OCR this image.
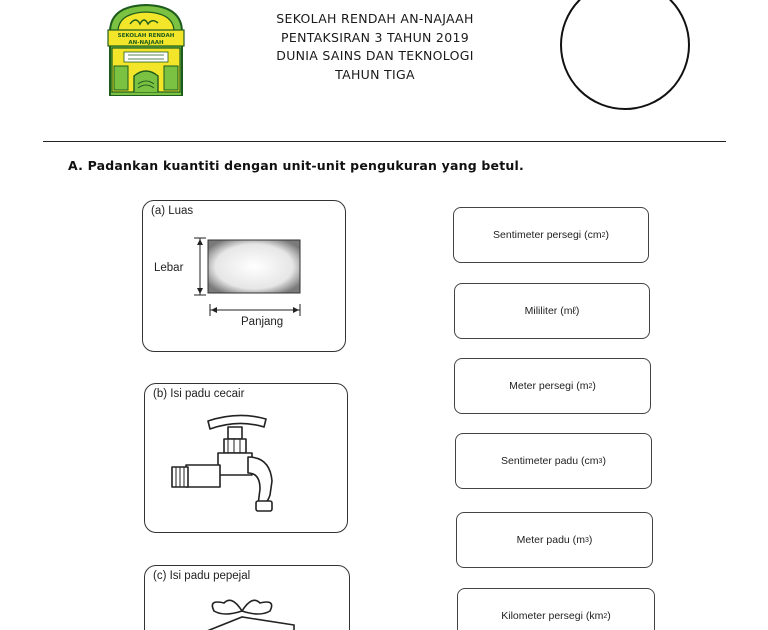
SEKOLAH RENDAH
AN-NAJAAH
SEKOLAH RENDAH AN-NAJAAH
PENTAKSIRAN 3 TAHUN 2019
DUNIA SAINS DAN TEKNOLOGI
TAHUN TIGA
A. Padankan kuantiti dengan unit-unit pengukuran yang betul.
(a) Luas
Lebar
Panjang
(b) Isi padu cecair
(c) Isi padu pepejal
Sentimeter persegi ( cm 2 )
Mililiter ( mℓ )
Meter persegi ( m 2 )
Sentimeter padu ( cm 3 )
Meter padu ( m 3 )
Kilometer persegi ( km 2 )
